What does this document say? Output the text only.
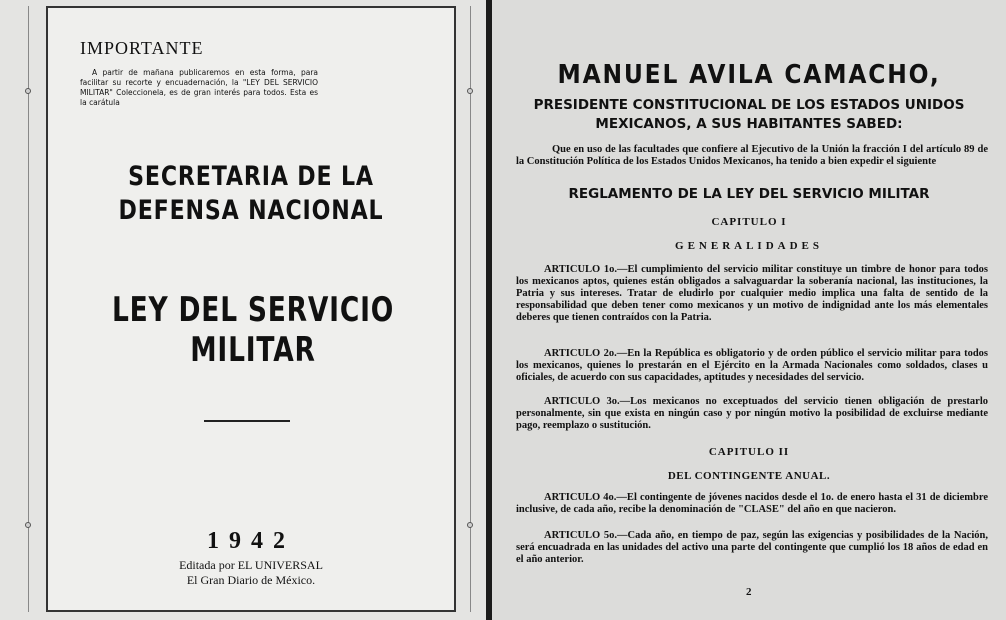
IMPORTANTE
A partir de mañana publicaremos en esta forma, para facilitar su recorte y encuadernación, la "LEY DEL SERVICIO MILITAR" Coleccionela, es de gran interés para todos. Esta es la carátula
SECRETARIA DE LA
DEFENSA NACIONAL
LEY DEL SERVICIO MILITAR
1942
Editada por EL UNIVERSAL
El Gran Diario de México.
MANUEL AVILA CAMACHO,
PRESIDENTE CONSTITUCIONAL DE LOS ESTADOS UNIDOS MEXICANOS, A SUS HABITANTES SABED:
Que en uso de las facultades que confiere al Ejecutivo de la Unión la fracción I del artículo 89 de la Constitución Política de los Estados Unidos Mexicanos, ha tenido a bien expedir el siguiente
REGLAMENTO DE LA LEY DEL SERVICIO MILITAR
CAPITULO I
GENERALIDADES
ARTICULO 1o.—El cumplimiento del servicio militar constituye un timbre de honor para todos los mexicanos aptos, quienes están obligados a salvaguardar la soberanía nacional, las instituciones, la Patria y sus intereses. Tratar de eludirlo por cualquier medio implica una falta de sentido de la responsabilidad que deben tener como mexicanos y un motivo de indignidad ante los más elementales deberes que tienen contraídos con la Patria.
ARTICULO 2o.—En la República es obligatorio y de orden público el servicio militar para todos los mexicanos, quienes lo prestarán en el Ejército en la Armada Nacionales como soldados, clases u oficiales, de acuerdo con sus capacidades, aptitudes y necesidades del servicio.
ARTICULO 3o.—Los mexicanos no exceptuados del servicio tienen obligación de prestarlo personalmente, sin que exista en ningún caso y por ningún motivo la posibilidad de excluirse mediante pago, reemplazo o sustitución.
CAPITULO II
DEL CONTINGENTE ANUAL.
ARTICULO 4o.—El contingente de jóvenes nacidos desde el 1o. de enero hasta el 31 de diciembre inclusive, de cada año, recibe la denominación de "CLASE" del año en que nacieron.
ARTICULO 5o.—Cada año, en tiempo de paz, según las exigencias y posibilidades de la Nación, será encuadrada en las unidades del activo una parte del contingente que cumplió los 18 años de edad en el año anterior.
2
